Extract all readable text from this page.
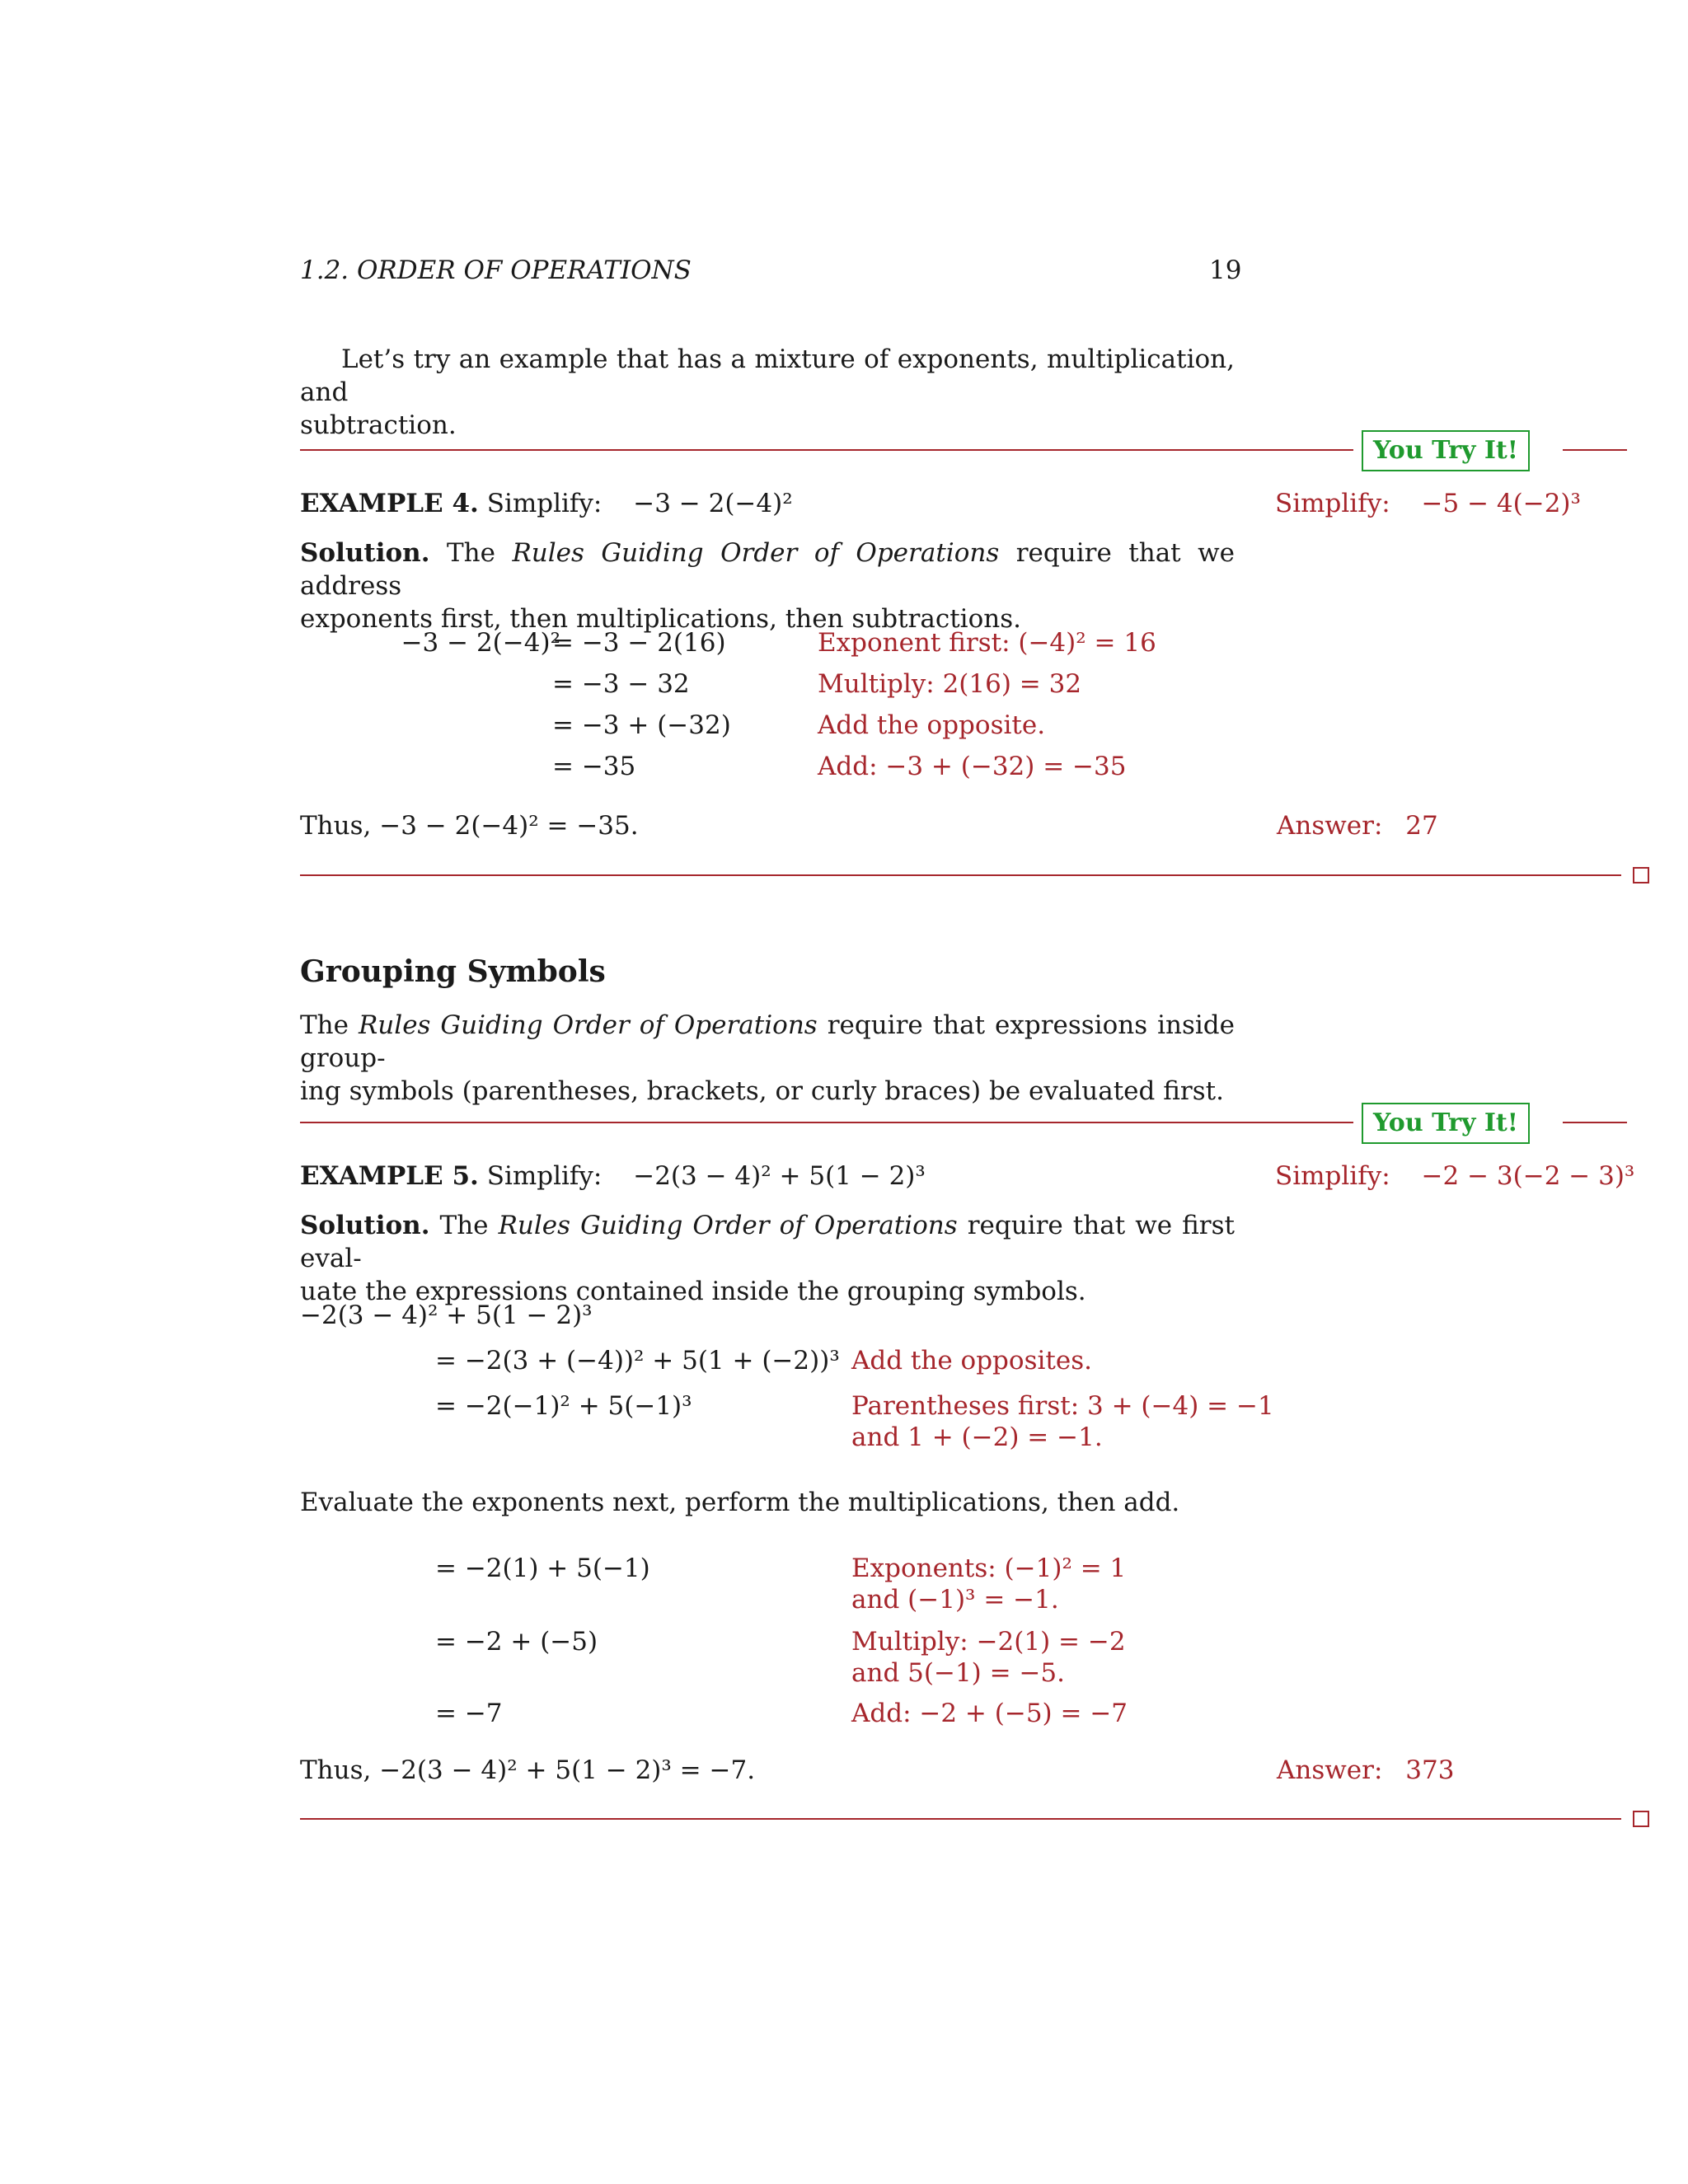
1.2. ORDER OF OPERATIONS	19
Let’s try an example that has a mixture of exponents, multiplication, and
subtraction.
You Try It!
EXAMPLE 4. Simplify: −3 − 2(−4)²	Simplify: −5 − 4(−2)³
Solution. The Rules Guiding Order of Operations require that we address
exponents first, then multiplications, then subtractions.
−3 − 2(−4)²
= −3 − 2(16)	Exponent first: (−4)² = 16
= −3 − 32	Multiply: 2(16) = 32
= −3 + (−32)	Add the opposite.
= −35	Add: −3 + (−32) = −35
Thus, −3 − 2(−4)² = −35.	Answer: 27
Grouping Symbols
The Rules Guiding Order of Operations require that expressions inside group-
ing symbols (parentheses, brackets, or curly braces) be evaluated first.
You Try It!
EXAMPLE 5. Simplify: −2(3 − 4)² + 5(1 − 2)³	Simplify: −2 − 3(−2 − 3)³
Solution. The Rules Guiding Order of Operations require that we first eval-
uate the expressions contained inside the grouping symbols.
−2(3 − 4)² + 5(1 − 2)³
= −2(3 + (−4))² + 5(1 + (−2))³ Add the opposites.
= −2(−1)² + 5(−1)³	Parentheses first: 3 + (−4) = −1
and 1 + (−2) = −1.
Evaluate the exponents next, perform the multiplications, then add.
= −2(1) + 5(−1)	Exponents: (−1)² = 1
and (−1)³ = −1.
= −2 + (−5)	Multiply: −2(1) = −2
and 5(−1) = −5.
= −7	Add: −2 + (−5) = −7
Thus, −2(3 − 4)² + 5(1 − 2)³ = −7.	Answer: 373
